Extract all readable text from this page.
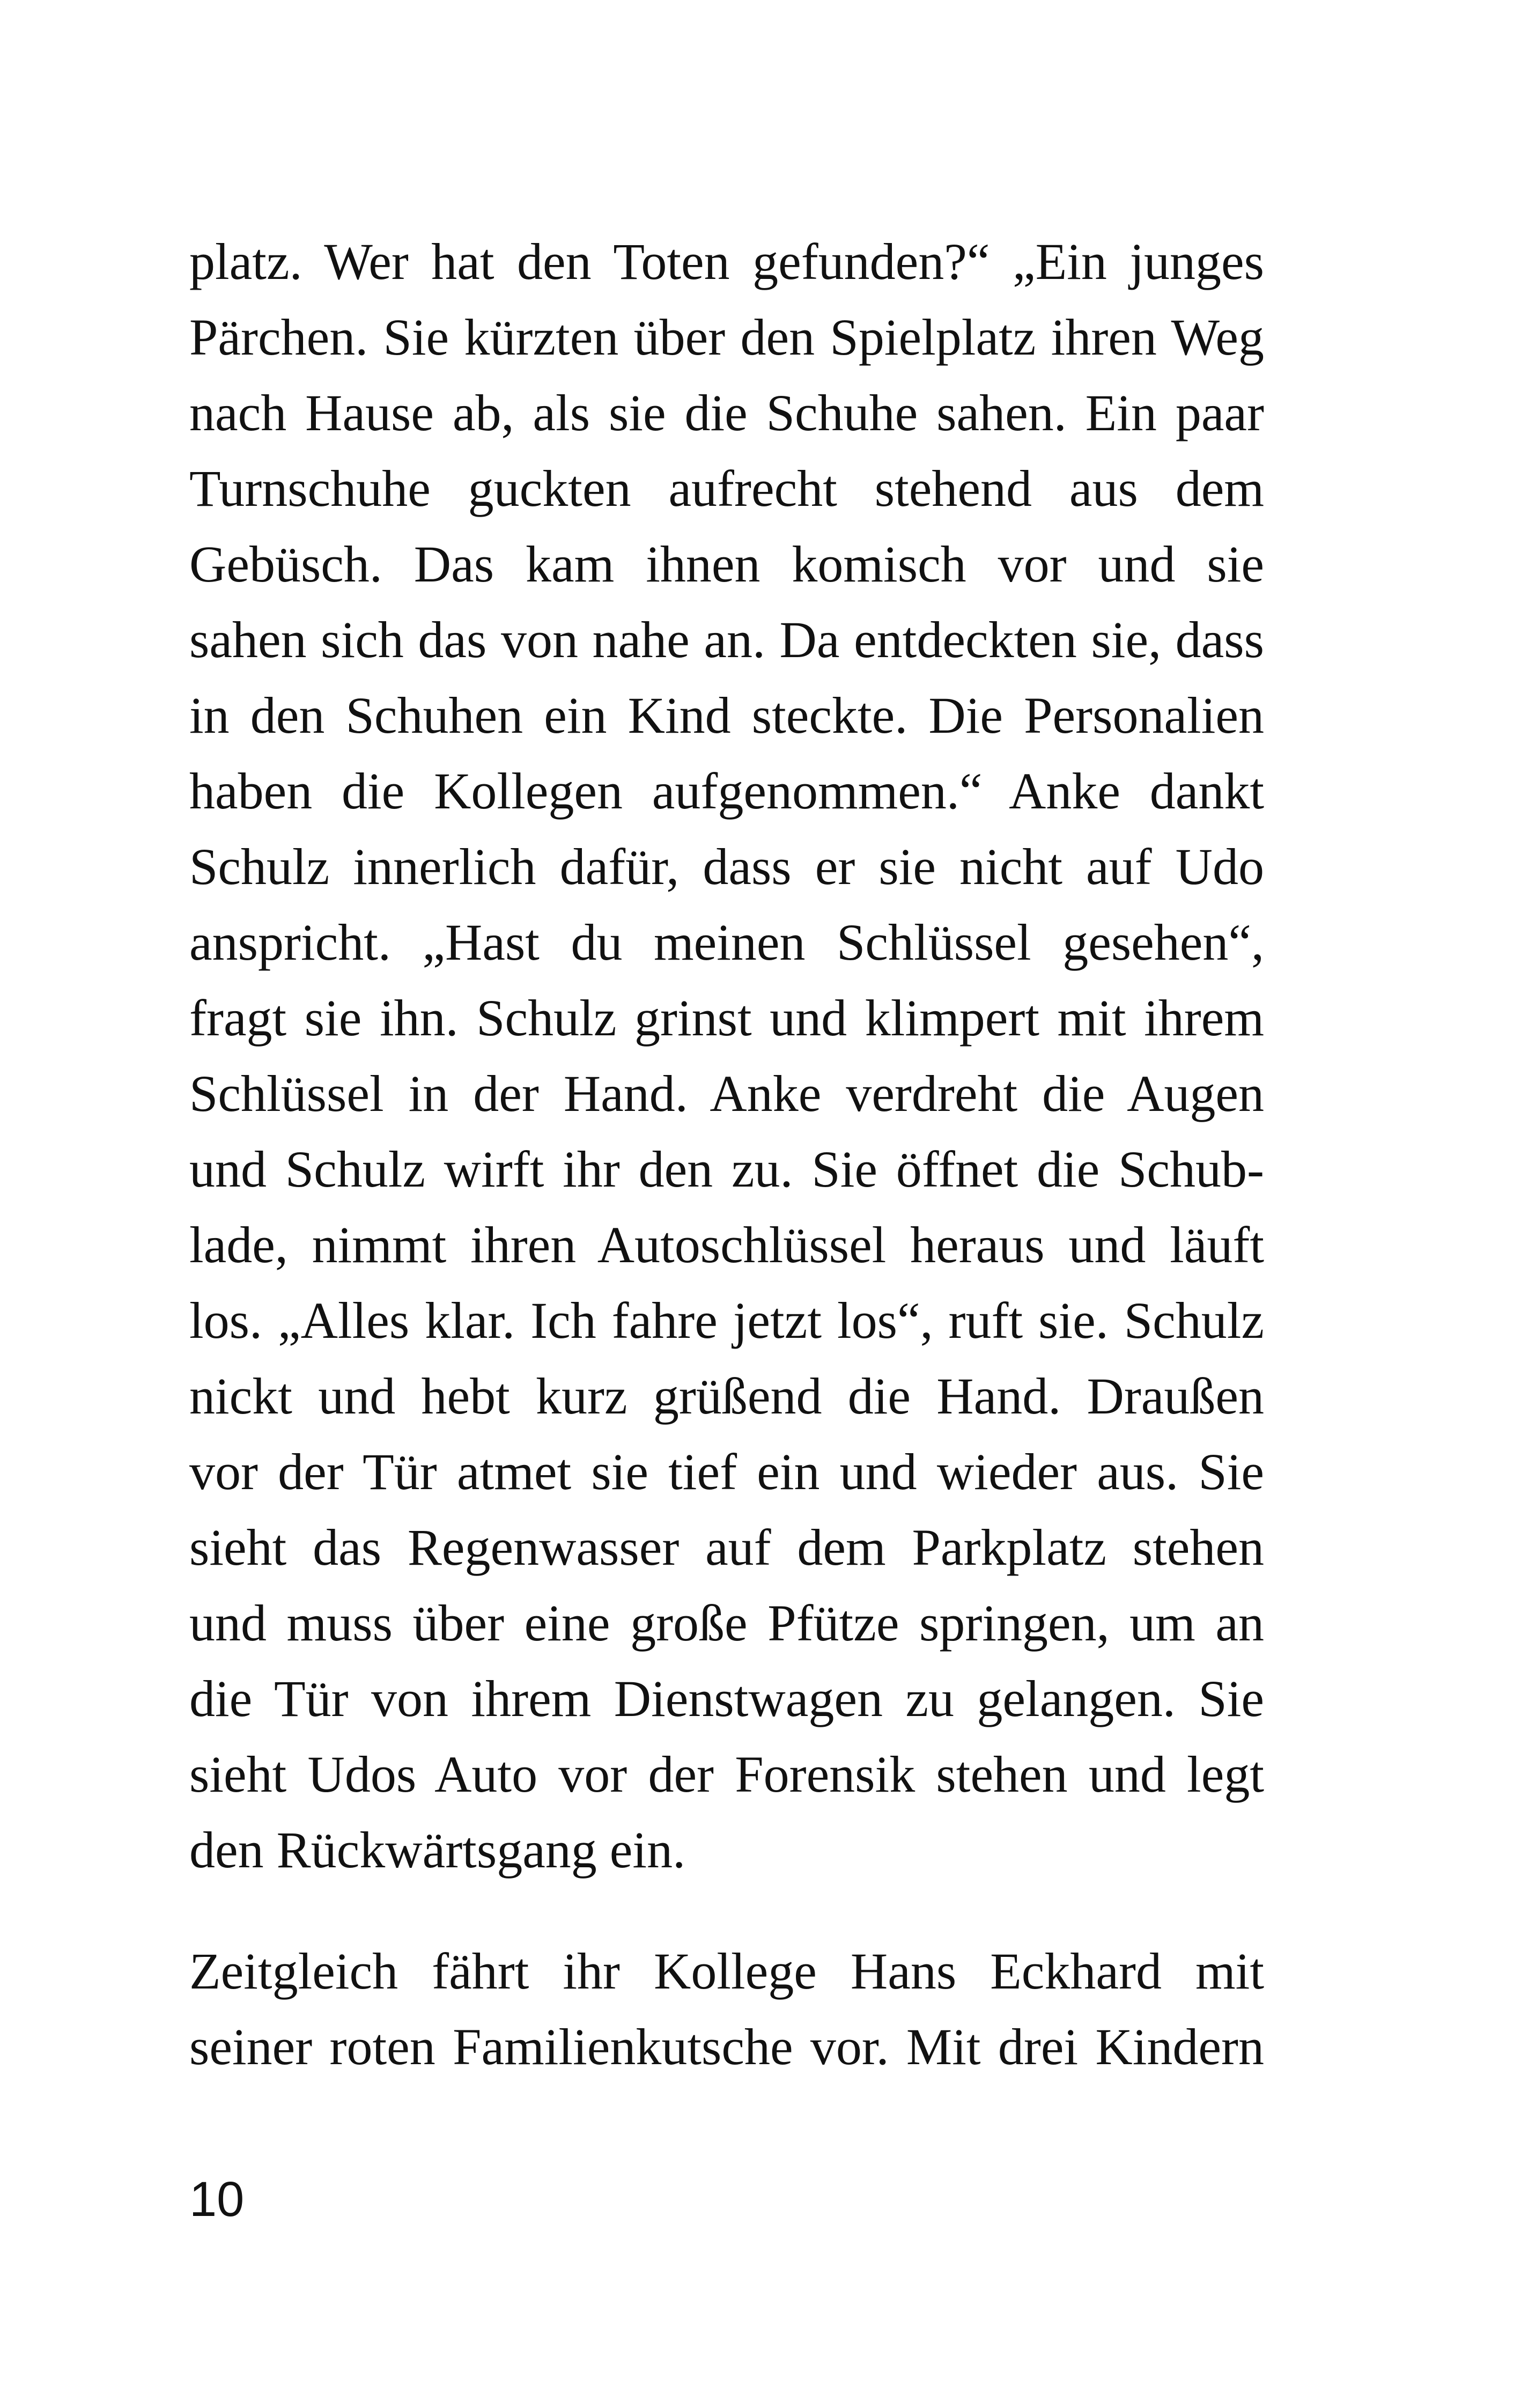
platz. Wer hat den Toten gefunden?“ „Ein junges
Pärchen. Sie kürzten über den Spielplatz ihren Weg
nach Hause ab, als sie die Schuhe sahen. Ein paar
Turnschuhe guckten aufrecht stehend aus dem
Gebüsch. Das kam ihnen komisch vor und sie
sahen sich das von nahe an. Da entdeckten sie, dass
in den Schuhen ein Kind steckte. Die Personalien
haben die Kollegen aufgenommen.“ Anke dankt
Schulz innerlich dafür, dass er sie nicht auf Udo
anspricht. „Hast du meinen Schlüssel gesehen“,
fragt sie ihn. Schulz grinst und klimpert mit ihrem
Schlüssel in der Hand. Anke verdreht die Augen
und Schulz wirft ihr den zu. Sie öffnet die Schub-
lade, nimmt ihren Autoschlüssel heraus und läuft
los. „Alles klar. Ich fahre jetzt los“, ruft sie. Schulz
nickt und hebt kurz grüßend die Hand. Draußen
vor der Tür atmet sie tief ein und wieder aus. Sie
sieht das Regenwasser auf dem Parkplatz stehen
und muss über eine große Pfütze springen, um an
die Tür von ihrem Dienstwagen zu gelangen. Sie
sieht Udos Auto vor der Forensik stehen und legt
den Rückwärtsgang ein.
Zeitgleich fährt ihr Kollege Hans Eckhard mit
seiner roten Familienkutsche vor. Mit drei Kindern
10
